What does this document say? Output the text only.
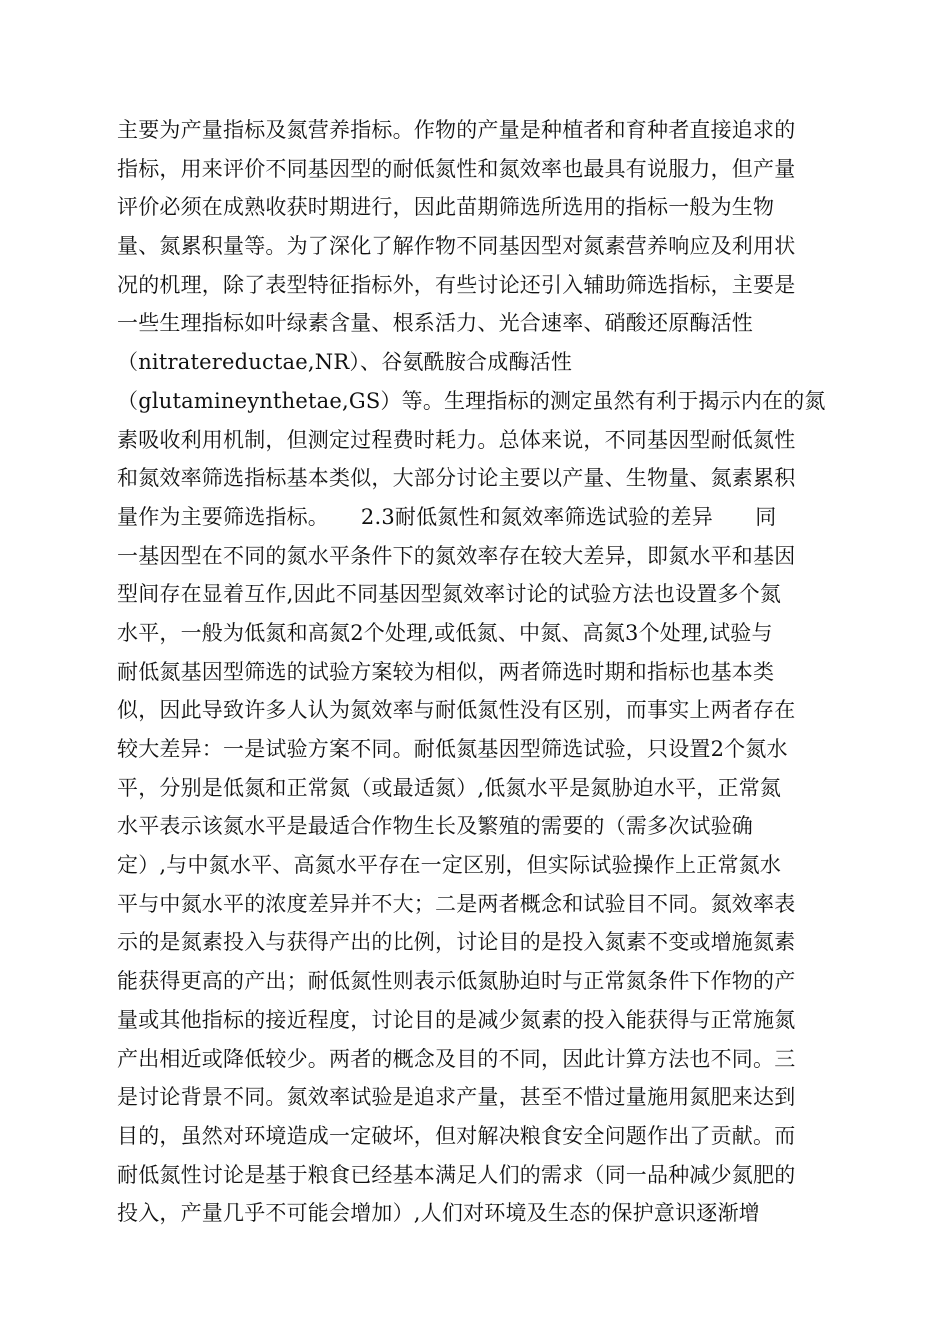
主要为产量指标及氮营养指标。作物的产量是种植者和育种者直接追求的
指标，用来评价不同基因型的耐低氮性和氮效率也最具有说服力，但产量
评价必须在成熟收获时期进行，因此苗期筛选所选用的指标一般为生物
量、氮累积量等。为了深化了解作物不同基因型对氮素营养响应及利用状
况的机理，除了表型特征指标外，有些讨论还引入辅助筛选指标，主要是
一些生理指标如叶绿素含量、根系活力、光合速率、硝酸还原酶活性
（nitratereductae,NR）、谷氨酰胺合成酶活性
（glutamineynthetae,GS）等。生理指标的测定虽然有利于揭示内在的氮
素吸收利用机制，但测定过程费时耗力。总体来说，不同基因型耐低氮性
和氮效率筛选指标基本类似，大部分讨论主要以产量、生物量、氮素累积
量作为主要筛选指标。　　2.3耐低氮性和氮效率筛选试验的差异　　同
一基因型在不同的氮水平条件下的氮效率存在较大差异，即氮水平和基因
型间存在显着互作,因此不同基因型氮效率讨论的试验方法也设置多个氮
水平，一般为低氮和高氮2个处理,或低氮、中氮、高氮3个处理,试验与
耐低氮基因型筛选的试验方案较为相似，两者筛选时期和指标也基本类
似，因此导致许多人认为氮效率与耐低氮性没有区别，而事实上两者存在
较大差异：一是试验方案不同。耐低氮基因型筛选试验，只设置2个氮水
平，分别是低氮和正常氮（或最适氮）,低氮水平是氮胁迫水平，正常氮
水平表示该氮水平是最适合作物生长及繁殖的需要的（需多次试验确
定）,与中氮水平、高氮水平存在一定区别，但实际试验操作上正常氮水
平与中氮水平的浓度差异并不大；二是两者概念和试验目不同。氮效率表
示的是氮素投入与获得产出的比例，讨论目的是投入氮素不变或增施氮素
能获得更高的产出；耐低氮性则表示低氮胁迫时与正常氮条件下作物的产
量或其他指标的接近程度，讨论目的是减少氮素的投入能获得与正常施氮
产出相近或降低较少。两者的概念及目的不同，因此计算方法也不同。三
是讨论背景不同。氮效率试验是追求产量，甚至不惜过量施用氮肥来达到
目的，虽然对环境造成一定破坏，但对解决粮食安全问题作出了贡献。而
耐低氮性讨论是基于粮食已经基本满足人们的需求（同一品种减少氮肥的
投入，产量几乎不可能会增加）,人们对环境及生态的保护意识逐渐增
